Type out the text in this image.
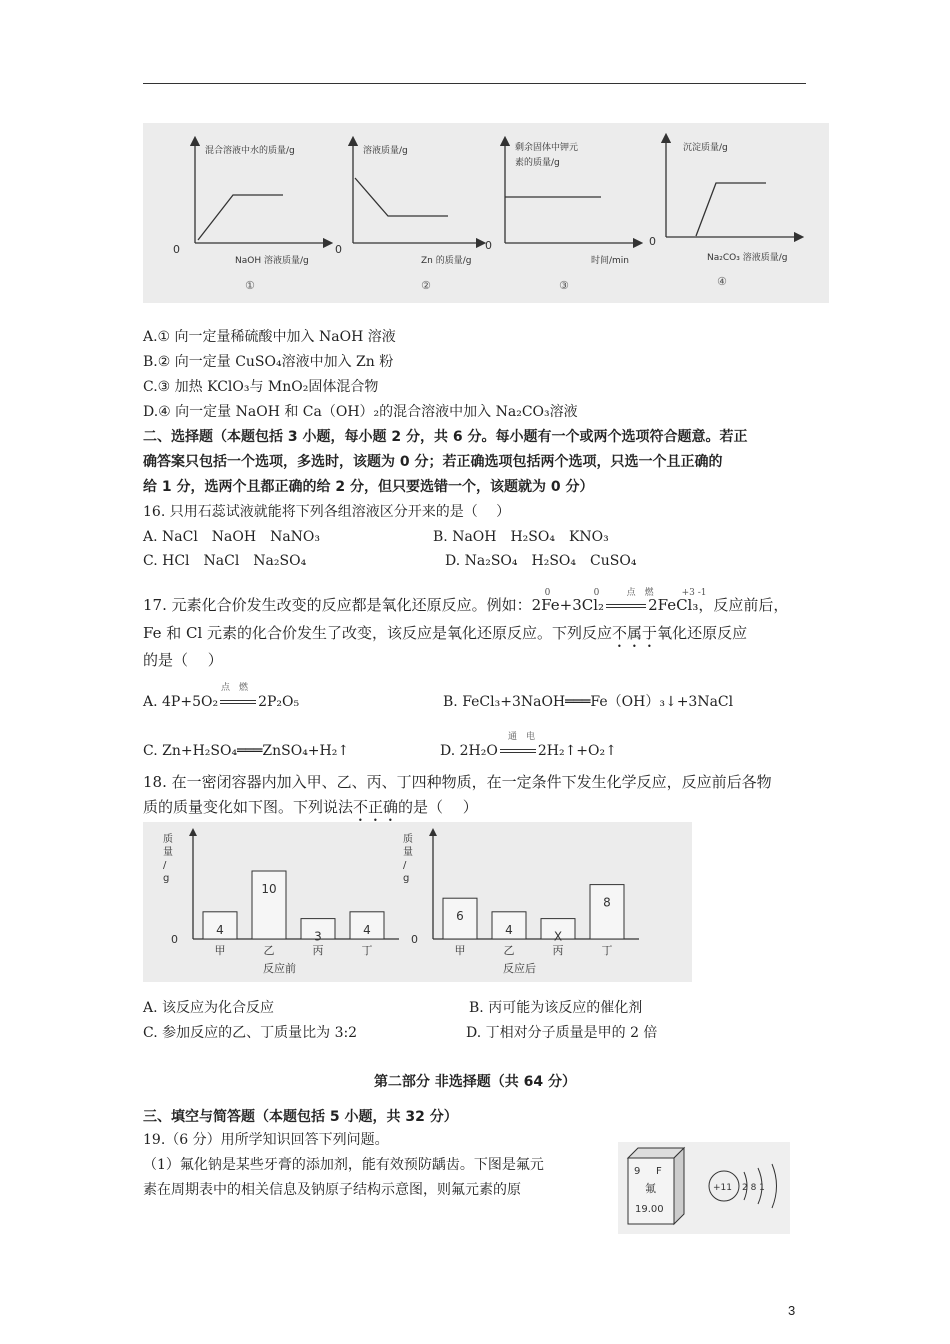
混合溶液中水的质量/g
0
NaOH 溶液质量/g
①
溶液质量/g
0
Zn 的质量/g
②
剩余固体中钾元
素的质量/g
0
时间/min
③
沉淀质量/g
0
Na₂CO₃ 溶液质量/g
④
A.① 向一定量稀硫酸中加入 NaOH 溶液
B.② 向一定量 CuSO₄溶液中加入 Zn 粉
C.③ 加热 KClO₃与 MnO₂固体混合物
D.④ 向一定量 NaOH 和 Ca（OH）₂的混合溶液中加入 Na₂CO₃溶液
二、选择题（本题包括 3 小题，每小题 2 分，共 6 分。每小题有一个或两个选项符合题意。若正
确答案只包括一个选项，多选时，该题为 0 分；若正确选项包括两个选项，只选一个且正确的
给 1 分，选两个且都正确的给 2 分，但只要选错一个，该题就为 0 分）
16. 只用石蕊试液就能将下列各组溶液区分开来的是（　 ）
A. NaCl　NaOH　NaNO₃	B. NaOH　H₂SO₄　KNO₃
C. HCl　NaCl　Na₂SO₄	D. Na₂SO₄　H₂SO₄　CuSO₄
17. 元素化合价发生改变的反应都是氧化还原反应。例如：
0	0	点　燃	+3 -1
2Fe+3Cl₂	2FeCl₃，反应前后，
Fe 和 Cl 元素的化合价发生了改变，该反应是氧化还原反应。下列反应不属于氧化还原反应
的是（　 ）
点　燃
A. 4P+5O₂	2P₂O₅	B. FeCl₃+3NaOH═══Fe（OH）₃↓+3NaCl
C. Zn+H₂SO₄═══ZnSO₄+H₂↑
通　电
D. 2H₂O	2H₂↑+O₂↑
18. 在一密闭容器内加入甲、乙、丙、丁四种物质，在一定条件下发生化学反应，反应前后各物
质的质量变化如下图。下列说法不正确的是（　 ）
质量/ g
0
4
甲
10
乙
3
丙
4
丁
反应前
质量/ g
0
6
甲
4
乙
X
丙
8
丁
反应后
A. 该反应为化合反应	B. 丙可能为该反应的催化剂
C. 参加反应的乙、丁质量比为 3:2	D. 丁相对分子质量是甲的 2 倍
第二部分 非选择题（共 64 分）
三、填空与简答题（本题包括 5 小题，共 32 分）
19.（6 分）用所学知识回答下列问题。
（1）氟化钠是某些牙膏的添加剂，能有效预防龋齿。下图是氟元
素在周期表中的相关信息及钠原子结构示意图，则氟元素的原
9 F
氟
19.00
+11 2 8 1
3
